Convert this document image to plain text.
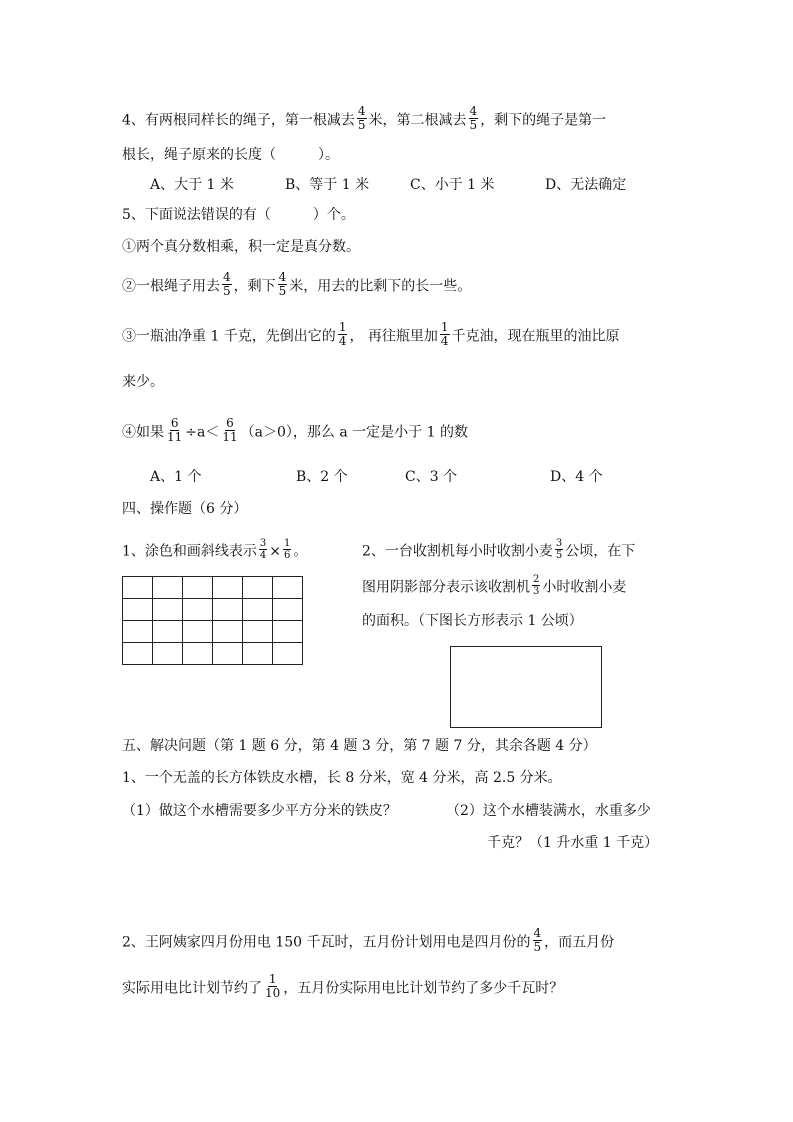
4、有两根同样长的绳子，第一根减去 $\frac{4}{5}$ 米，第二根减去 $\frac{4}{5}$ ，剩下的绳子是第一
根长，绳子原来的长度（　　　）。
A、大于 1 米	B、等于 1 米	C、小于 1 米	D、无法确定
5、下面说法错误的有（　　　）个。
①两个真分数相乘，积一定是真分数。
②一根绳子用去 $\frac{4}{5}$ ，剩下 $\frac{4}{5}$ 米，用去的比剩下的长一些。
③一瓶油净重 1 千克，先倒出它的 $\frac{1}{4}$ ， 再往瓶里加 $\frac{1}{4}$ 千克油，现在瓶里的油比原
来少。
④如果 $\frac{6}{11} \div a< \frac{6}{11} (a>0)$，那么 a 一定是小于 1 的数
A、1 个	B、2 个	C、3 个	D、4 个
四、操作题（6 分）
1、涂色和画斜线表示 $\frac{3}{4} \times \frac{1}{6}$ 。

						2、一台收割机每小时收割小麦 $\frac{3}{5}$ 公顷，在下
图用阴影部分表示该收割机 $\frac{2}{3}$ 小时收割小麦
的面积。（下图长方形表示 1 公顷）
五、解决问题（第 1 题 6 分，第 4 题 3 分，第 7 题 7 分，其余各题 4 分）
1、一个无盖的长方体铁皮水槽，长 8 分米，宽 4 分米，高 2.5 分米。
（1）做这个水槽需要多少平方分米的铁皮？	（2）这个水槽装满水，水重多少
千克？（1 升水重 1 千克）
2、王阿姨家四月份用电 150 千瓦时，五月份计划用电是四月份的 $\frac{4}{5}$ ，而五月份
实际用电比计划节约了 $\frac{1}{10}$ ，五月份实际用电比计划节约了多少千瓦时？
